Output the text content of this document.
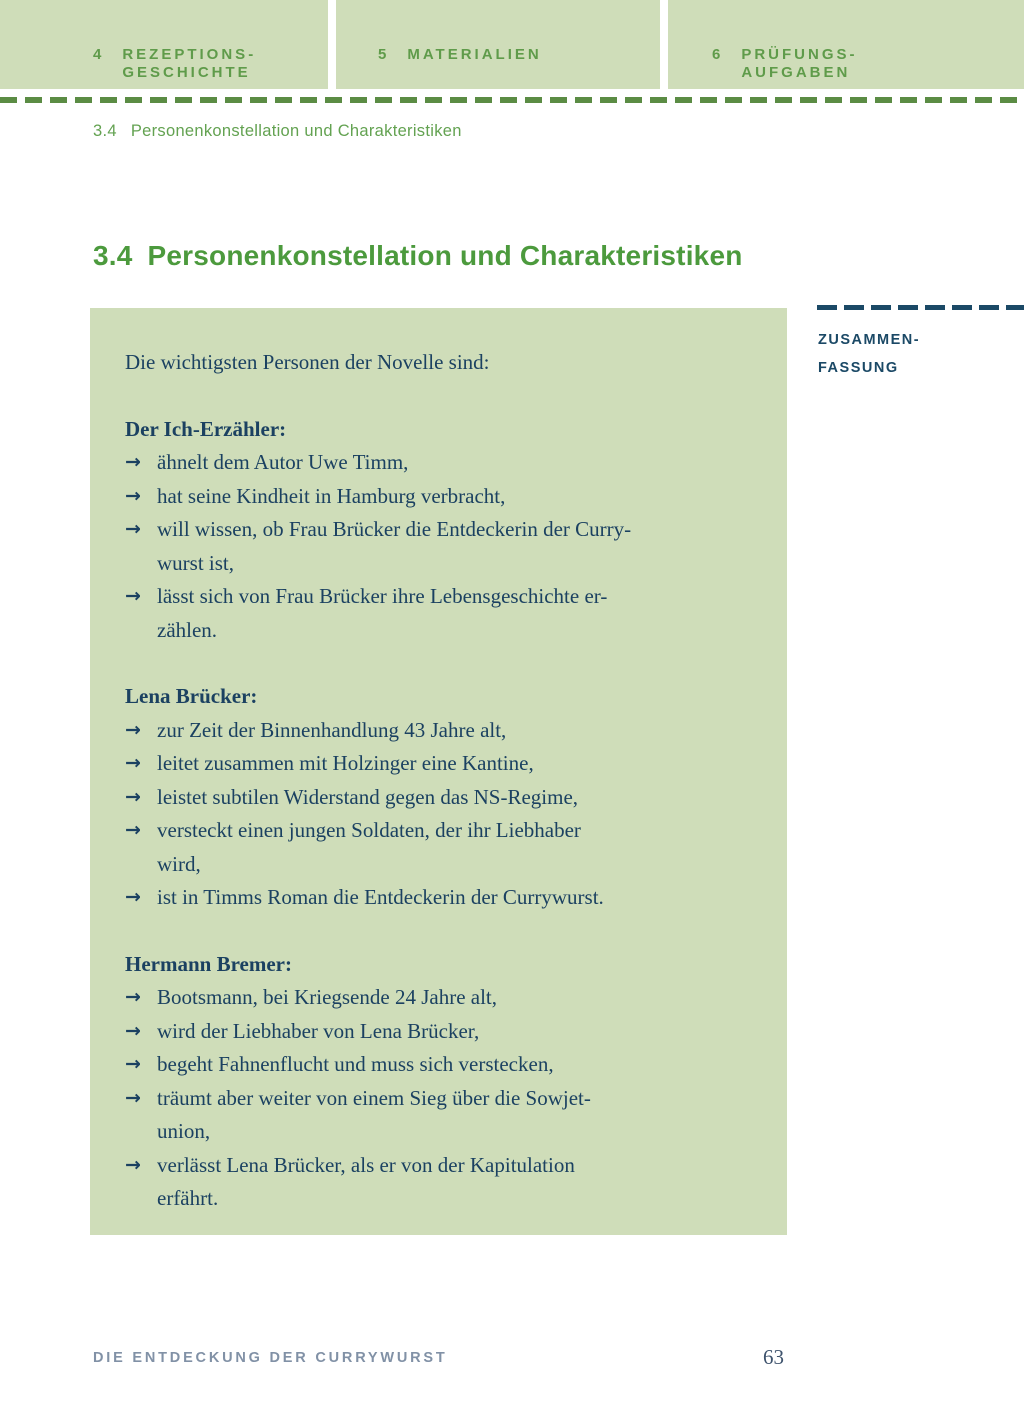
4 REZEPTIONS-
GESCHICHTE
5 MATERIALIEN	6 PRÜFUNGS-
AUFGABEN
3.4 Personenkonstellation und Charakteristiken
3.4 Personenkonstellation und Charakteristiken
ZUSAMMEN-
FASSUNG
Die wichtigsten Personen der Novelle sind:
Der Ich-Erzähler:
→ ähnelt dem Autor Uwe Timm,
→ hat seine Kindheit in Hamburg verbracht,
→ will wissen, ob Frau Brücker die Entdeckerin der Curry-
wurst ist,
→ lässt sich von Frau Brücker ihre Lebensgeschichte er-
zählen.
Lena Brücker:
→ zur Zeit der Binnenhandlung 43 Jahre alt,
→ leitet zusammen mit Holzinger eine Kantine,
→ leistet subtilen Widerstand gegen das NS-Regime,
→ versteckt einen jungen Soldaten, der ihr Liebhaber
wird,
→ ist in Timms Roman die Entdeckerin der Currywurst.
Hermann Bremer:
→ Bootsmann, bei Kriegsende 24 Jahre alt,
→ wird der Liebhaber von Lena Brücker,
→ begeht Fahnenflucht und muss sich verstecken,
→ träumt aber weiter von einem Sieg über die Sowjet-
union,
→ verlässt Lena Brücker, als er von der Kapitulation
erfährt.
DIE ENTDECKUNG DER CURRYWURST	63
